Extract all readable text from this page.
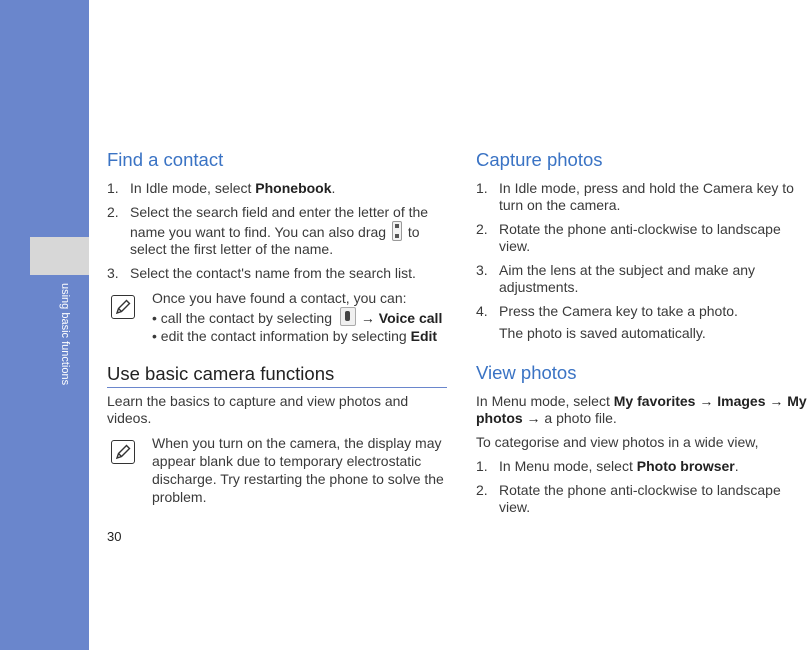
using basic functions
Find a contact
1. In Idle mode, select Phonebook.
2. Select the search field and enter the letter of the name you want to find. You can also drag  to select the first letter of the name.
3. Select the contact's name from the search list.
Once you have found a contact, you can:
• call the contact by selecting → Voice call
• edit the contact information by selecting Edit
Use basic camera functions

Learn the basics to capture and view photos and videos.

When you turn on the camera, the display may appear blank due to temporary electrostatic discharge. Try restarting the phone to solve the problem.
Capture photos
1. In Idle mode, press and hold the Camera key to turn on the camera.
2. Rotate the phone anti-clockwise to landscape view.
3. Aim the lens at the subject and make any adjustments.
4. Press the Camera key to take a photo.
The photo is saved automatically.
View photos

In Menu mode, select My favorites → Images → My photos → a photo file.

To categorise and view photos in a wide view,

1. In Menu mode, select Photo browser.
2. Rotate the phone anti-clockwise to landscape view.
30
